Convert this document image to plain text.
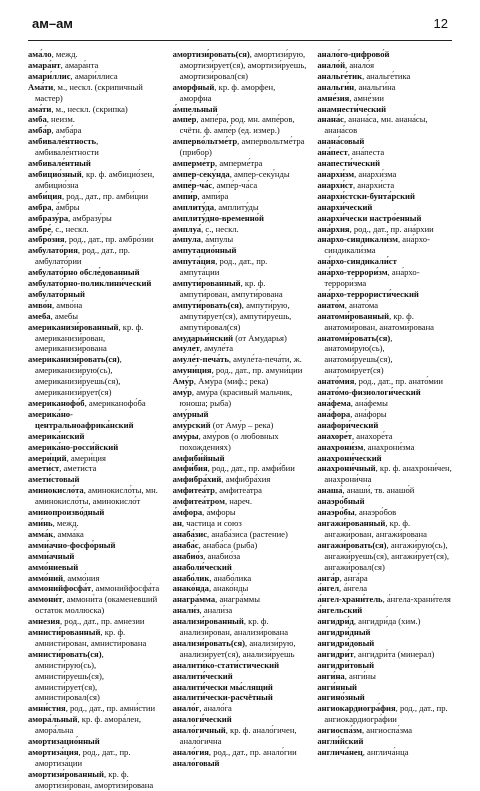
ам–ам	12

ама́ло, межд.

амара́нт, амара́нта

амари́ллис, амари́ллиса

Ама́ти, м., нескл. (скрипичный мастер)

ама́ти, м., нескл. (скрипка)

амба, неизм.

амба́р, амба́ра

амбивале́нтность, амбивале́нтности

амбивале́нтный

амбицио́зный, кр. ф. амбицио́зен, амбицио́зна

амби́ция, род., дат., пр. амби́ции

амбра, а́мбры

амбразу́ра, амбразу́ры

амбре́, с., нескл.

амбро́зия, род., дат., пр. амбро́зии

амбулато́рия, род., дат., пр. амбулато́рии

амбулато́рно обсле́дованный

амбулато́рно-поликлини́ческий

амбулато́рный

амво́н, амво́на

амеба, амебы

американизи́рованный, кр. ф. американизи́рован, американизи́рована

американизи́ровать(ся), американизи́рую(сь), американизи́руешь(ся), американизи́рует(ся)

американофо́б, американофо́ба

америка́но-центральноафрика́нский

америка́нский

америка́но-росси́йский

амери́ций, амери́ция

амети́ст, амети́ста

амети́стовый

аминокисло́та, аминокисло́ты, мн. аминокисло́ты, аминокисло́т

аминопроизво́дный

ами́нь, межд.

амма́к, амма́ка

амми́ачно-фосфо́рный

амми́ачный

аммо́ниевый

аммо́ний, аммо́ния

аммонийфосфа́т, аммонийфосфа́та

аммони́т, аммони́та (окаменевший остаток моллюска)

амнезия, род., дат., пр. амнезии

амнисти́рованный, кр. ф. амнисти́рован, амнисти́рована

амнисти́ровать(ся), амнисти́рую(сь), амнисти́руешь(ся), амнисти́рует(ся), амнисти́ровал(ся)

амни́стия, род., дат., пр. амни́стии

амора́льный, кр. ф. амора́лен, амора́льна

амортизацио́нный

амортиза́ция, род., дат., пр. амортиза́ции

амортизи́рованный, кр. ф. амортизи́рован, амортизи́рована

амортизи́ровать(ся), амортизи́рую, амортизи́рует(ся), амортизи́руешь, амортизи́ровал(ся)

аморфный, кр. ф. аморфен, аморфна

а́мпельный

ампе́р, ампе́ра, род. мн. ампе́ров, счётн. ф. ампе́р (ед. измер.)

амперво́льтме́тр, ампервольтме́тра (прибор)

амперме́тр, амперме́тра

ампер-секу́нда, ампер-секу́нды

ампе́р-ча́с, ампе́р-ча́са

ампи́р, ампи́ра

амплиту́да, амплиту́ды

амплиту́дно-временно́й

амплуа́, с., нескл.

а́мпула, а́мпулы

ампутацио́нный

ампута́ция, род., дат., пр. ампута́ции

ампути́рованный, кр. ф. ампути́рован, ампути́рована

ампути́ровать(ся), ампути́рую, ампути́рует(ся), ампути́руешь, ампути́ровал(ся)

амударьи́нский (от Амударья)

амуле́т, амуле́та

амуле́т-печа́ть, амуле́та-печа́ти, ж.

амуни́ция, род., дат., пр. амуни́ции

Аму́р, Аму́ра (миф.; река)

аму́р, аму́ра (красивый мальчик, юноша; рыба)

аму́рный

аму́рский (от Аму́р – река)

аму́ры, аму́ров (о любовных похождениях)

амфиби́йный

амфи́бия, род., дат., пр. амфи́бии

амфибра́хий, амфибра́хия

амфитеа́тр, амфитеа́тра

амфитеа́тром, нареч.

а́мфора, а́мфоры

ан, частица и союз

анаба́зис, анаба́зиса (растение)

анаба́с, анаба́са (рыба)

анабио́з, анабио́за

анаболи́ческий

анабо́лик, анабо́лика

анако́нда, анако́нды

анагра́мма, анагра́ммы

анали́з, анали́за

анализи́рованный, кр. ф. анализи́рован, анализи́рована

анализи́ровать(ся), анализи́рую, анализи́рует(ся), анализи́руешь

аналити́ко-стати́стический

аналити́ческий

аналити́чески мы́слящий

аналити́чески-расчётный

анало́г, анало́га

аналоги́ческий

анало́гичный, кр. ф. анало́гичен, анало́гична

анало́гия, род., дат., пр. анало́гии

анало́говый

анало́го-цифрово́й

анало́й, анало́я

анальге́тик, анальге́тика

анальги́н, анальги́на

амне́зия, амне́зии

анамнести́ческий

анана́с, анана́са, мн. анана́сы, анана́сов

анана́совый

ана́пест, ана́песта

анапести́ческий

анархи́зм, анархи́зма

анархи́ст, анархи́ста

анархи́стски-бунта́рский

анархи́ческий

анархи́чески настро́енный

ана́рхия, род., дат., пр. ана́рхии

ана́рхо-синдикали́зм, ана́рхо-синдикали́зма

ана́рхо-синдикали́ст

ана́рхо-террори́зм, ана́рхо-террори́зма

ана́рхо-террористи́ческий

анато́м, анато́ма

анатоми́рованный, кр. ф. анатоми́рован, анатоми́рована

анатоми́ровать(ся), анатоми́рую(сь), анатоми́руешь(ся), анатоми́рует(ся)

анато́мия, род., дат., пр. анато́мии

анато́мо-физиологи́ческий

ана́фема, ана́фемы

ана́фора, ана́форы

анафори́ческий

анахоре́т, анахоре́та

анахрони́зм, анахрони́зма

анахрони́ческий

анахрони́чный, кр. ф. анахрони́чен, анахрони́чна

анаша́, анаши́, тв. анашо́й

анаэро́бный

анаэро́бы, анаэро́бов

ангажи́рованный, кр. ф. ангажи́рован, ангажи́рована

ангажи́ровать(ся), ангажи́рую(сь), ангажи́руешь(ся), ангажи́рует(ся), ангажи́ровал(ся)

анга́р, анга́ра

а́нгел, а́нгела

а́нгел-храни́тель, а́нгела-храни́теля

а́нгельский

ангидри́д, ангидри́да (хим.)

ангидри́дный

ангидри́довый

ангидри́т, ангидри́та (минерал)

ангидри́товый

анги́на, анги́ны

анги́нный

ангино́зный

ангиокардиогра́фия, род., дат., пр. ангиокардиогра́фии

ангиоспа́зм, ангиоспа́зма

англи́йский

англича́нец, англича́нца
